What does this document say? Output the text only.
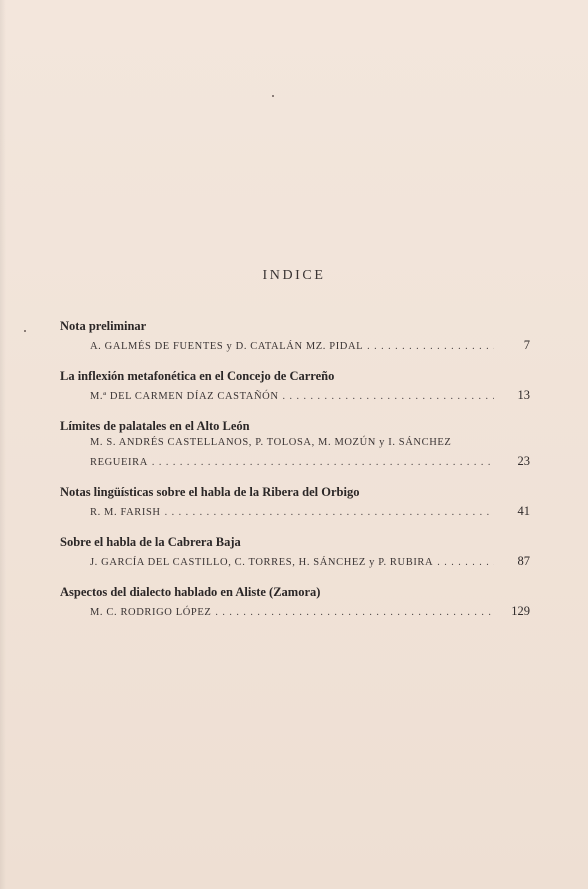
INDICE
Nota preliminar
A. GALMÉS DE FUENTES y D. CATALÁN MZ. PIDAL . . .	7
La inflexión metafonética en el Concejo de Carreño
M.ª DEL CARMEN DÍAZ CASTAÑÓN . . .	13
Límites de palatales en el Alto León
M. S. ANDRÉS CASTELLANOS, P. TOLOSA, M. MOZÚN y I. SÁNCHEZ
REGUEIRA . . .	23
Notas lingüísticas sobre el habla de la Ribera del Orbigo
R. M. FARISH . . .	41
Sobre el habla de la Cabrera Baja
J. GARCÍA DEL CASTILLO, C. TORRES, H. SÁNCHEZ y P. RUBIRA . . .	87
Aspectos del dialecto hablado en Aliste (Zamora)
M. C. RODRIGO LÓPEZ . . .	129
